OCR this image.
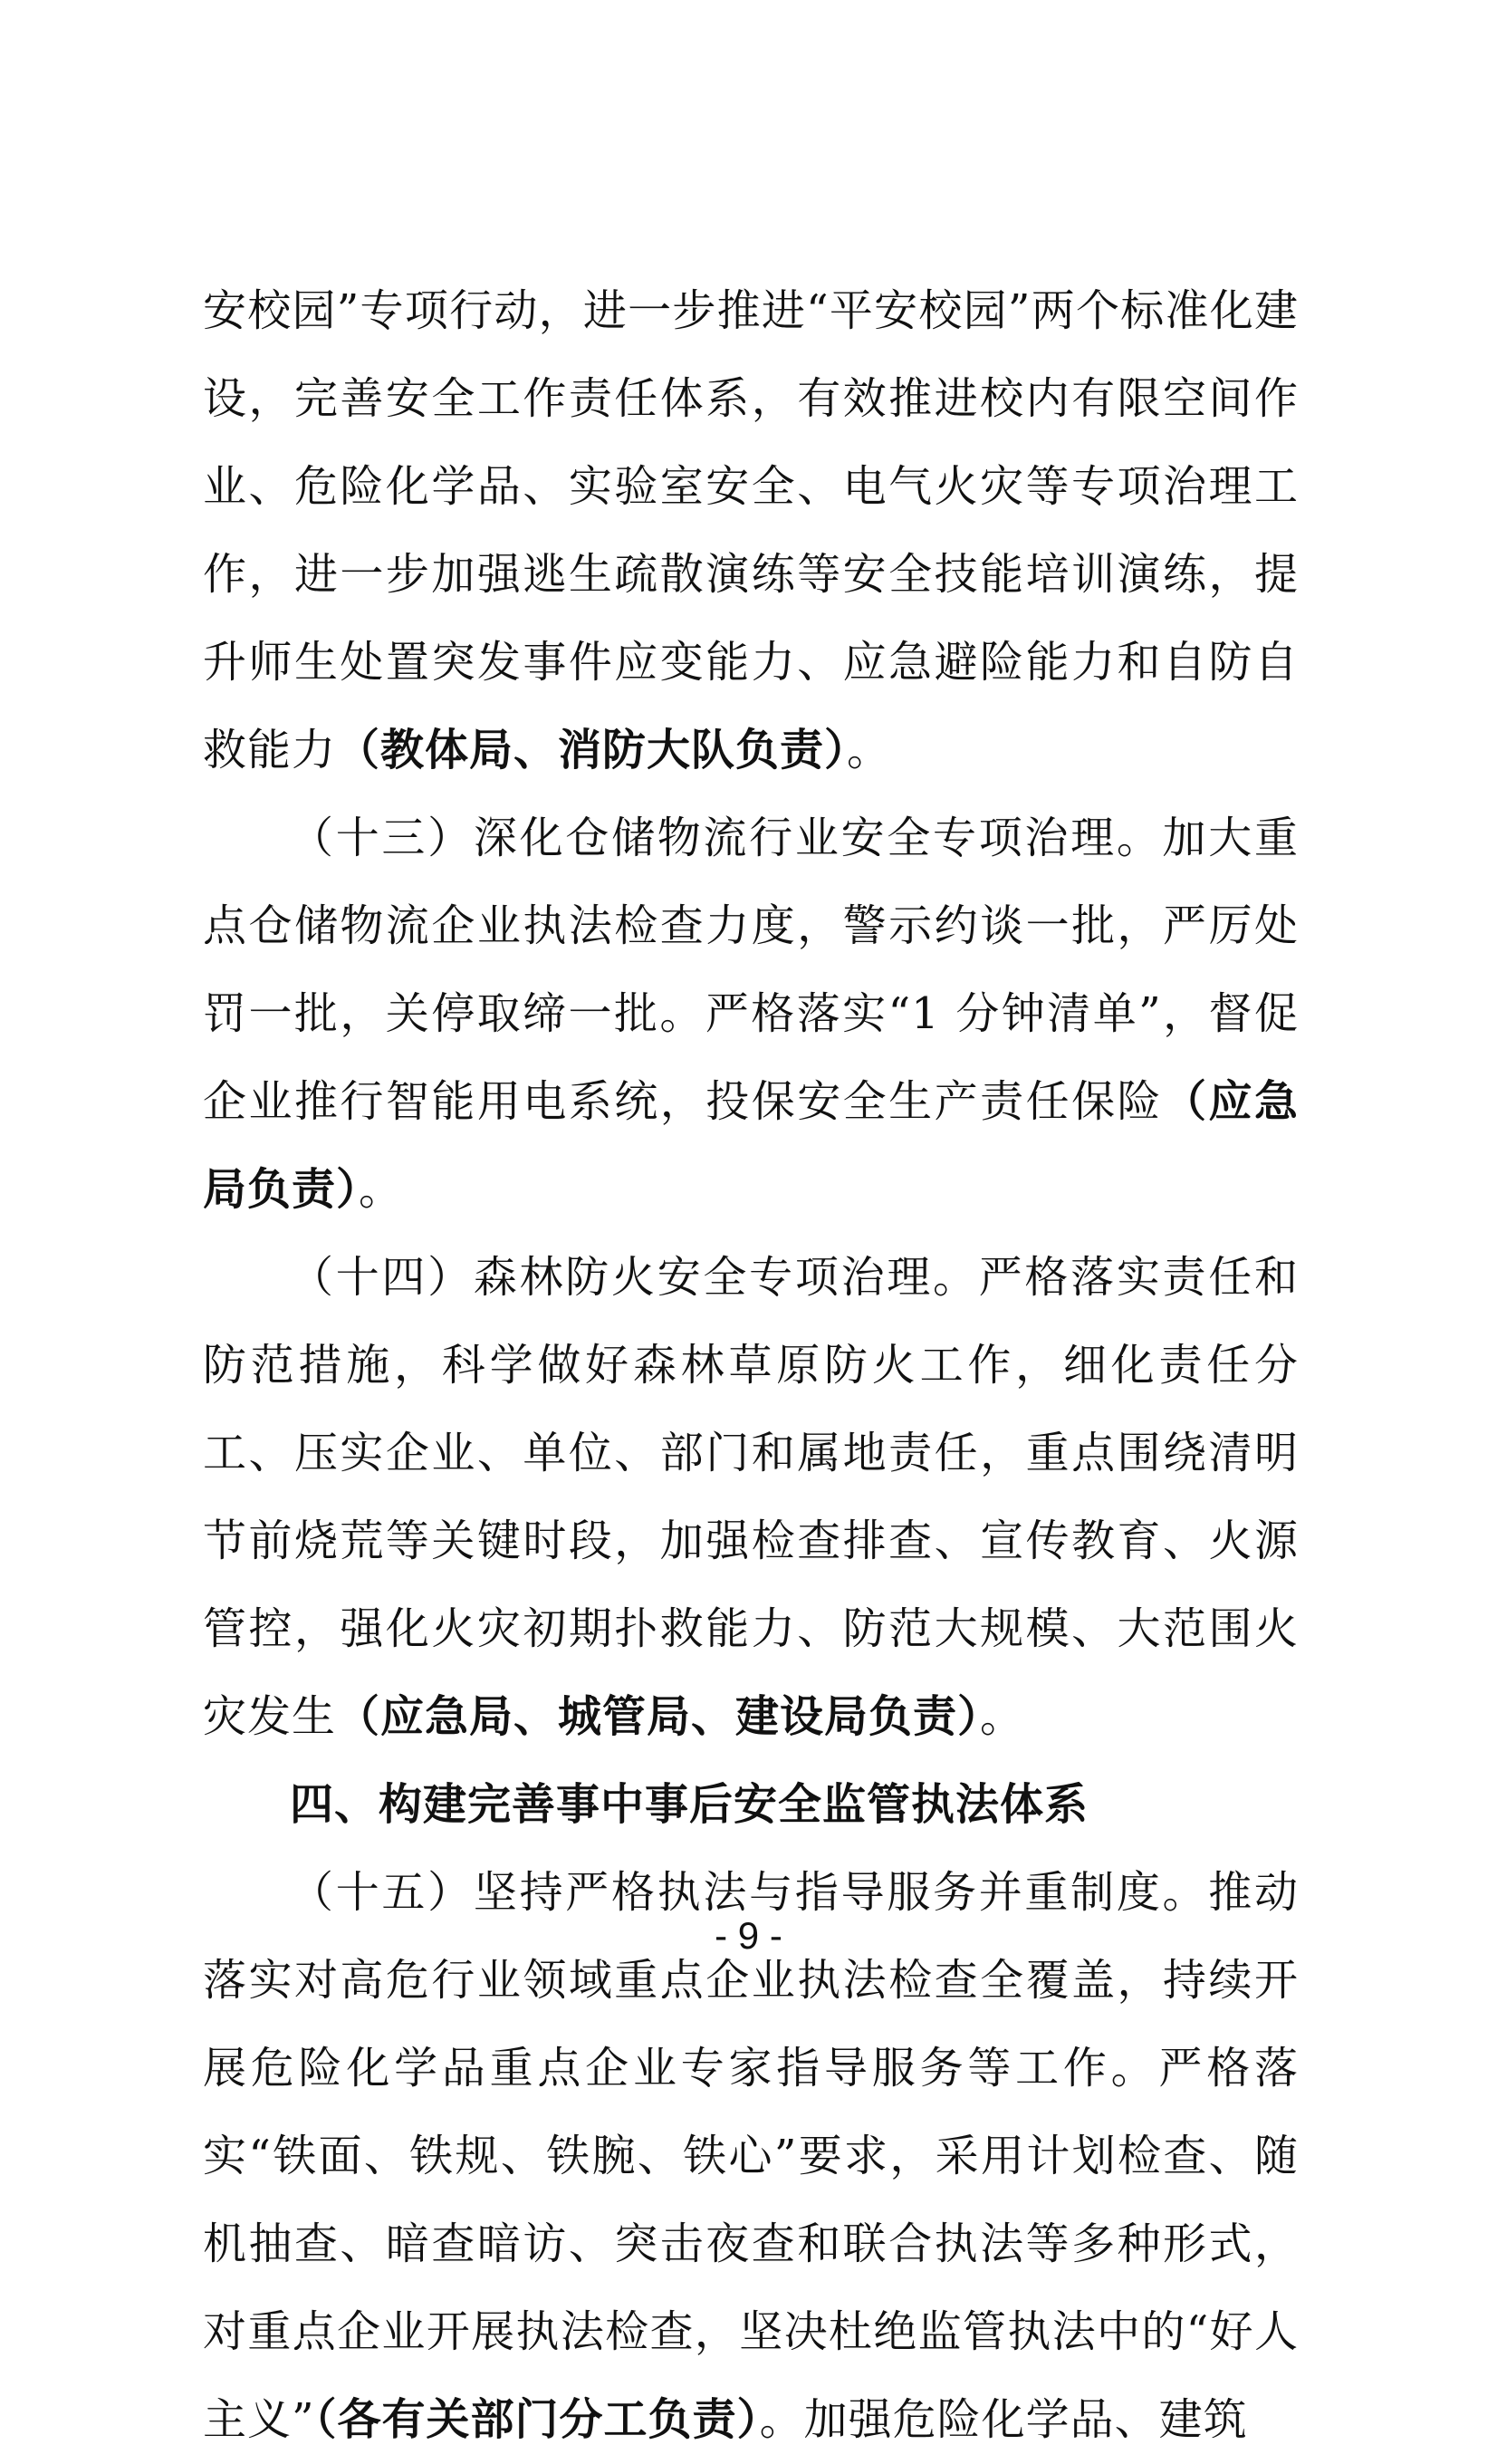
安校园”专项行动，进一步推进“平安校园”两个标准化建设，完善安全工作责任体系，有效推进校内有限空间作业、危险化学品、实验室安全、电气火灾等专项治理工作，进一步加强逃生疏散演练等安全技能培训演练，提升师生处置突发事件应变能力、应急避险能力和自防自救能力（教体局、消防大队负责）。

（十三）深化仓储物流行业安全专项治理。加大重点仓储物流企业执法检查力度，警示约谈一批，严厉处罚一批，关停取缔一批。严格落实“1 分钟清单”，督促企业推行智能用电系统，投保安全生产责任保险（应急局负责）。

（十四）森林防火安全专项治理。严格落实责任和防范措施，科学做好森林草原防火工作，细化责任分工、压实企业、单位、部门和属地责任，重点围绕清明节前烧荒等关键时段，加强检查排查、宣传教育、火源管控，强化火灾初期扑救能力、防范大规模、大范围火灾发生（应急局、城管局、建设局负责）。

四、构建完善事中事后安全监管执法体系

（十五）坚持严格执法与指导服务并重制度。推动落实对高危行业领域重点企业执法检查全覆盖，持续开展危险化学品重点企业专家指导服务等工作。严格落实“铁面、铁规、铁腕、铁心”要求，采用计划检查、随机抽查、暗查暗访、突击夜查和联合执法等多种形式，对重点企业开展执法检查，坚决杜绝监管执法中的“好人主义”（各有关部门分工负责）。加强危险化学品、建筑

- 9 -
